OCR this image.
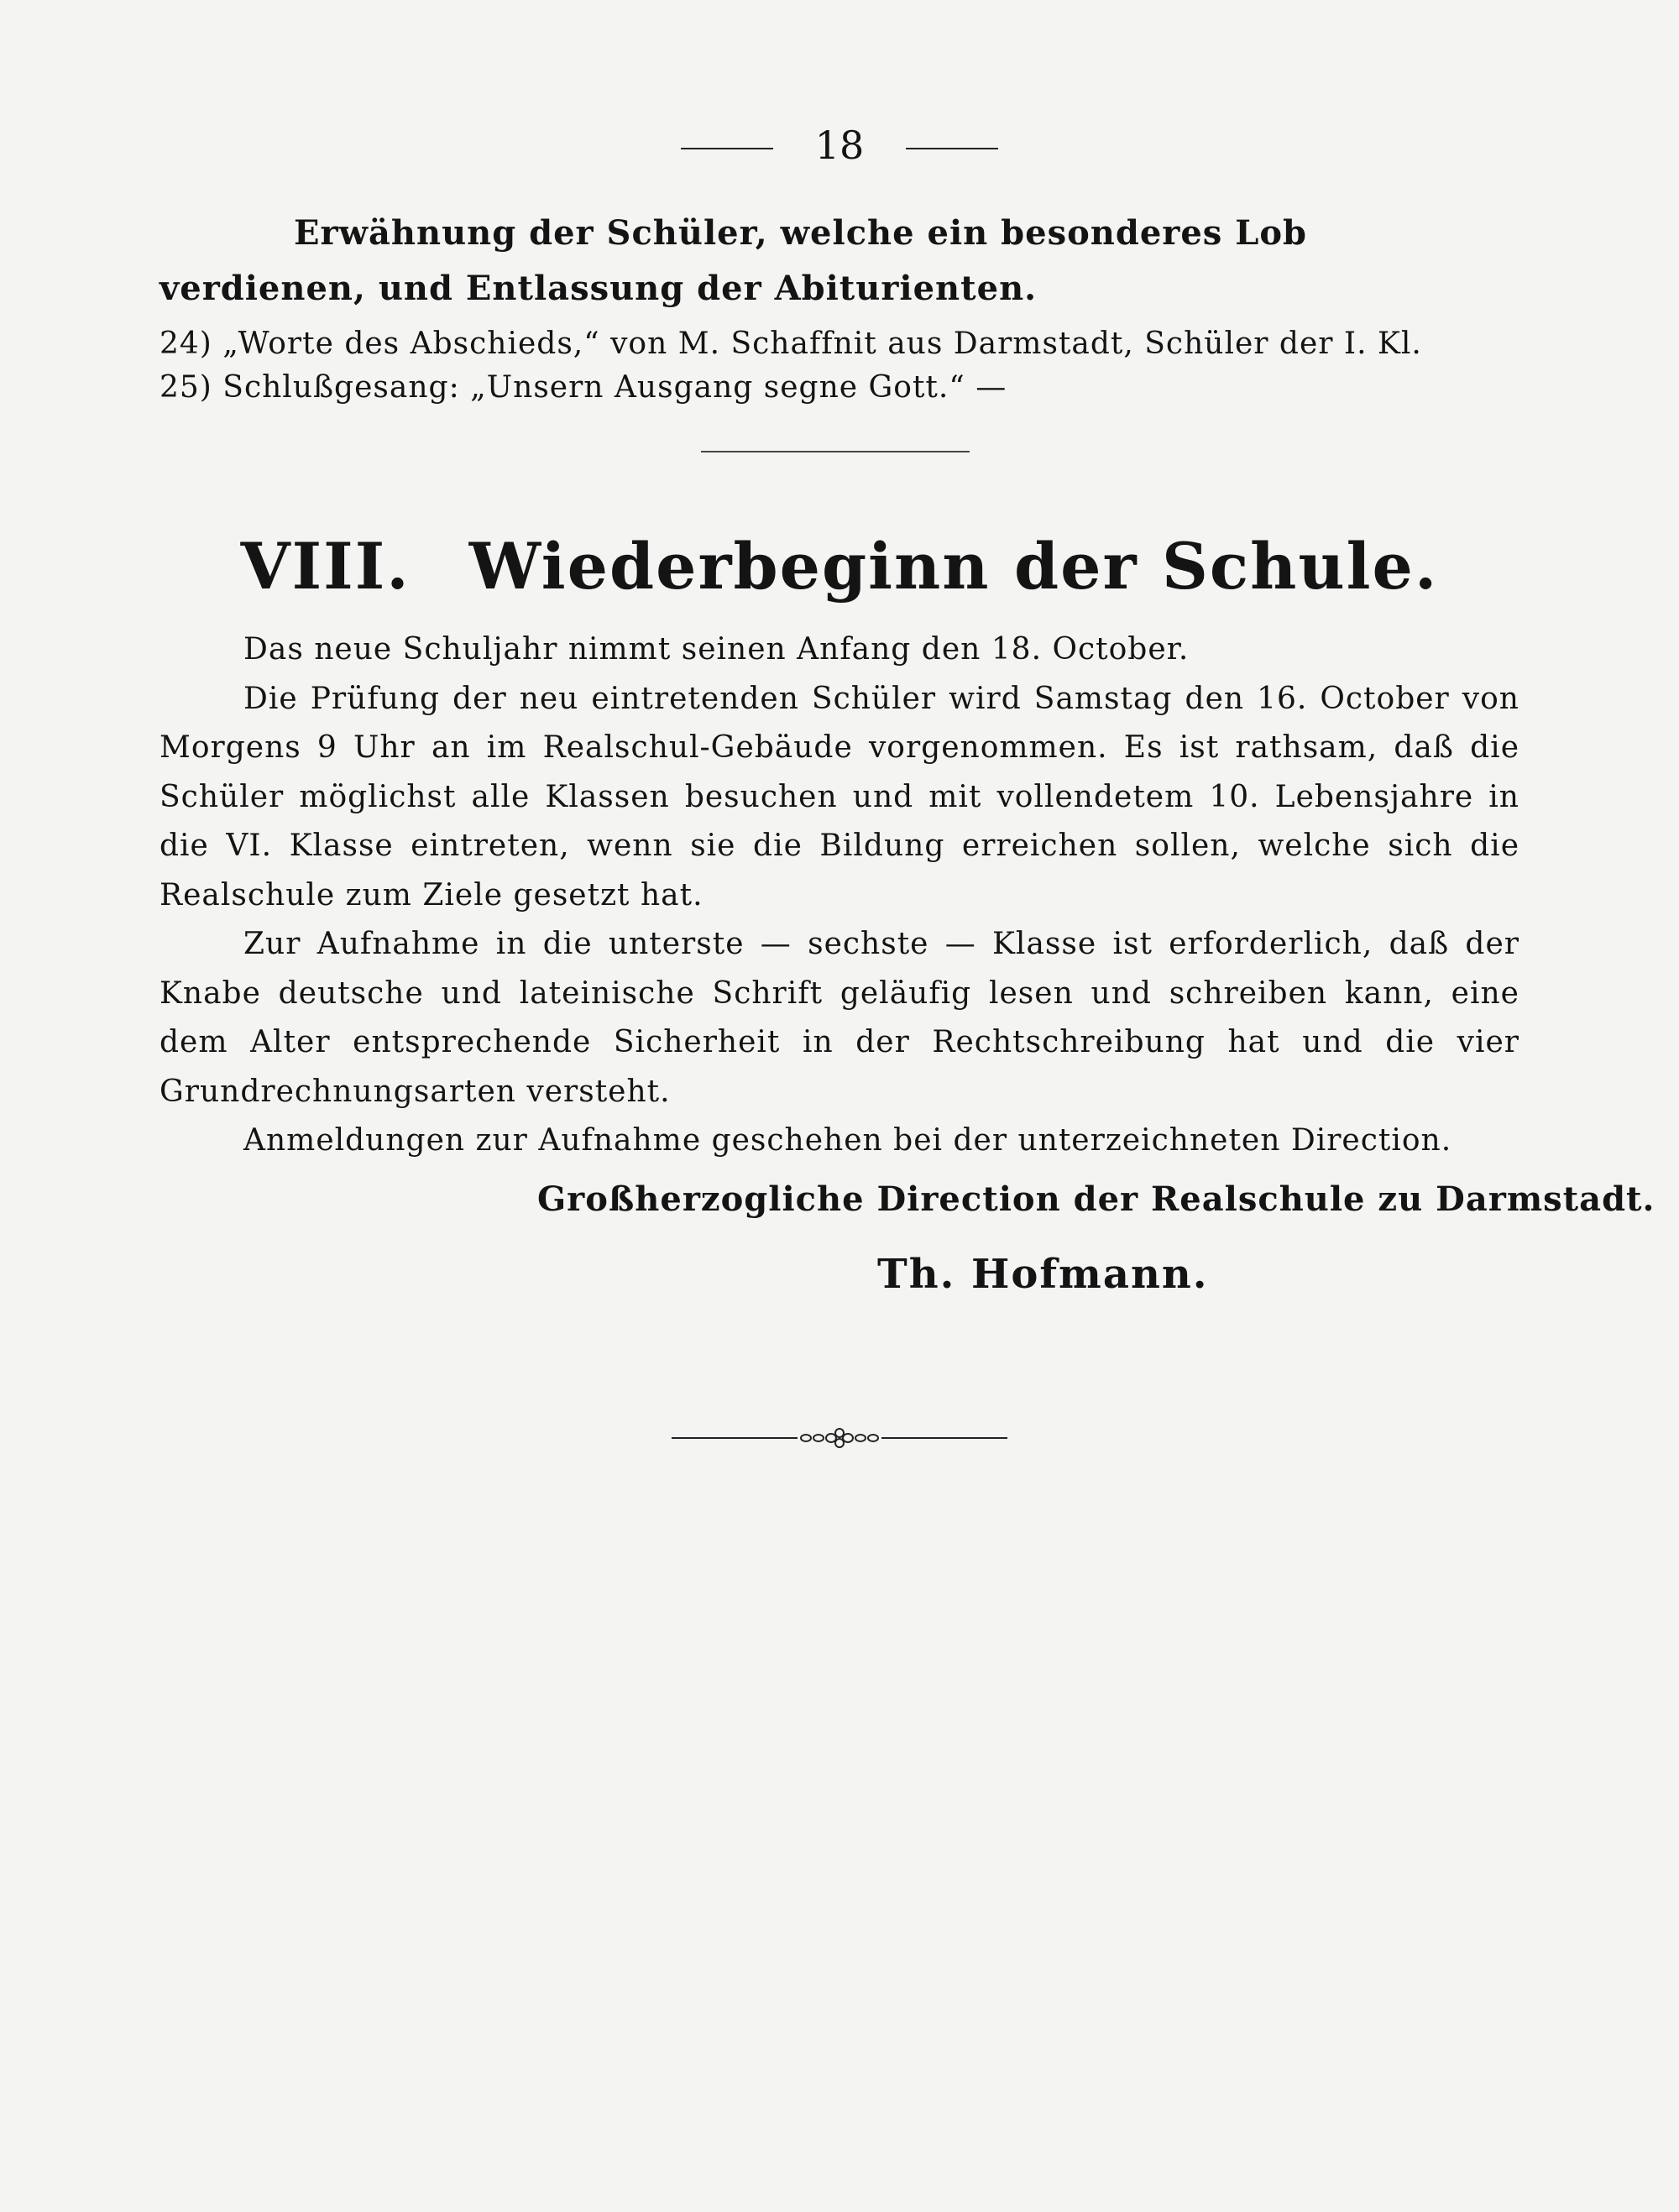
18
Erwähnung der Schüler, welche ein besonderes Lob verdienen, und Entlassung der Abiturienten.
24) „Worte des Abschieds,“ von M. Schaffnit aus Darmstadt, Schüler der I. Kl.
25) Schlußgesang: „Unsern Ausgang segne Gott.“ —
VIII. Wiederbeginn der Schule.

Das neue Schuljahr nimmt seinen Anfang den 18. October.

Die Prüfung der neu eintretenden Schüler wird Samstag den 16. October von Morgens 9 Uhr an im Realschul-Gebäude vorgenommen. Es ist rathsam, daß die Schüler möglichst alle Klassen besuchen und mit vollendetem 10. Lebensjahre in die VI. Klasse eintreten, wenn sie die Bildung erreichen sollen, welche sich die Realschule zum Ziele gesetzt hat.

Zur Aufnahme in die unterste — sechste — Klasse ist erforderlich, daß der Knabe deutsche und lateinische Schrift geläufig lesen und schreiben kann, eine dem Alter entsprechende Sicherheit in der Rechtschreibung hat und die vier Grundrechnungsarten versteht.

Anmeldungen zur Aufnahme geschehen bei der unterzeichneten Direction.

Großherzogliche Direction der Realschule zu Darmstadt.
Th. Hofmann.
